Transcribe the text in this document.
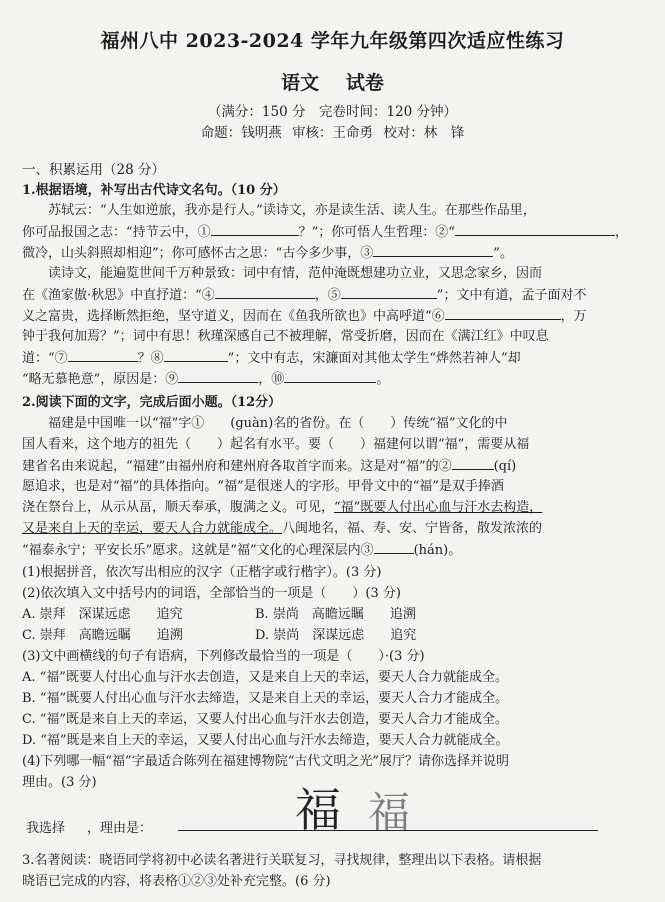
福州八中 2023-2024 学年九年级第四次适应性练习
语文 试卷
（满分：150 分　完卷时间：120 分钟）
命题：钱明燕 审核：王命勇 校对：林　锋
一、积累运用（28 分）
1.根据语境，补写出古代诗文名句。（10 分）
苏轼云：“人生如逆旅，我亦是行人。”读诗文，亦是读生活、读人生。在那些作品里，
你可品报国之志：“持节云中，①	？”；你可悟人生哲理：②“	，
微冷，山头斜照却相迎”；你可感怀古之思：“古今多少事，③	”。
读诗文，能遍览世间千万种景致：词中有情，范仲淹既想建功立业，又思念家乡，因而
在《渔家傲·秋思》中直抒道：“④	，⑤	”；文中有道，孟子面对不
义之富贵，选择断然拒绝，坚守道义，因而在《鱼我所欲也》中高呼道“⑥	，万
钟于我何加焉？”；词中有思！秋瑾深感自己不被理解，常受折磨，因而在《满江红》中叹息
道：“⑦	？⑧	”；文中有志，宋濂面对其他太学生“烨然若神人”却
“略无慕艳意”，原因是：⑨	，⑩	。
2.阅读下面的文字，完成后面小题。（12分）
福建是中国唯一以“福”字①　　(guàn)名的省份。在（　　）传统“福”文化的中
国人看来，这个地方的祖先（　　）起名有水平。要（　　）福建何以谓“福”，需要从福
建省名由来说起，“福建”由福州府和建州府各取首字而来。这是对“福”的②	(qí)
愿追求，也是对“福”的具体指向。“福”是很迷人的字形。甲骨文中的“福”是双手捧酒
浇在祭台上，从示从畐，顺天奉承，腹满之义。可见，“福”既要人付出心血与汗水去构造，
又是来自上天的幸运，要天人合力就能成全。八闽地名，福、寿、安、宁皆备，散发浓浓的
“福泰永宁；平安长乐”愿求。这就是“福”文化的心理深层内③	(hán)。
(1)根据拼音，依次写出相应的汉字（正楷字或行楷字）。(3 分)
(2)依次填入文中括号内的词语，全部恰当的一项是（　　）(3 分)
A. 崇拜　深谋远虑　　追究	B. 崇尚　高瞻远瞩　　追溯
C. 崇拜　高瞻远瞩　　追溯	D. 崇尚　深谋远虑　　追究
(3)文中画横线的句子有语病，下列修改最恰当的一项是（　　）·(3 分)
A. “福”既要人付出心血与汗水去创造，又是来自上天的幸运，要天人合力就能成全。
B. “福”既要人付出心血与汗水去缔造，又是来自上天的幸运，要天人合力才能成全。
C. “福”既是来自上天的幸运，又要人付出心血与汗水去创造，要天人合力才能成全。
D. “福”既是来自上天的幸运，又要人付出心血与汗水去缔造，要天人合力就能成全。
(4)下列哪一幅“福”字最适合陈列在福建博物院“古代文明之光”展厅？请你选择并说明
理由。(3 分)
福 福
我选择 ，理由是：
3.名著阅读：晓语同学将初中必读名著进行关联复习，寻找规律，整理出以下表格。请根据
晓语已完成的内容，将表格①②③处补充完整。(6 分)
